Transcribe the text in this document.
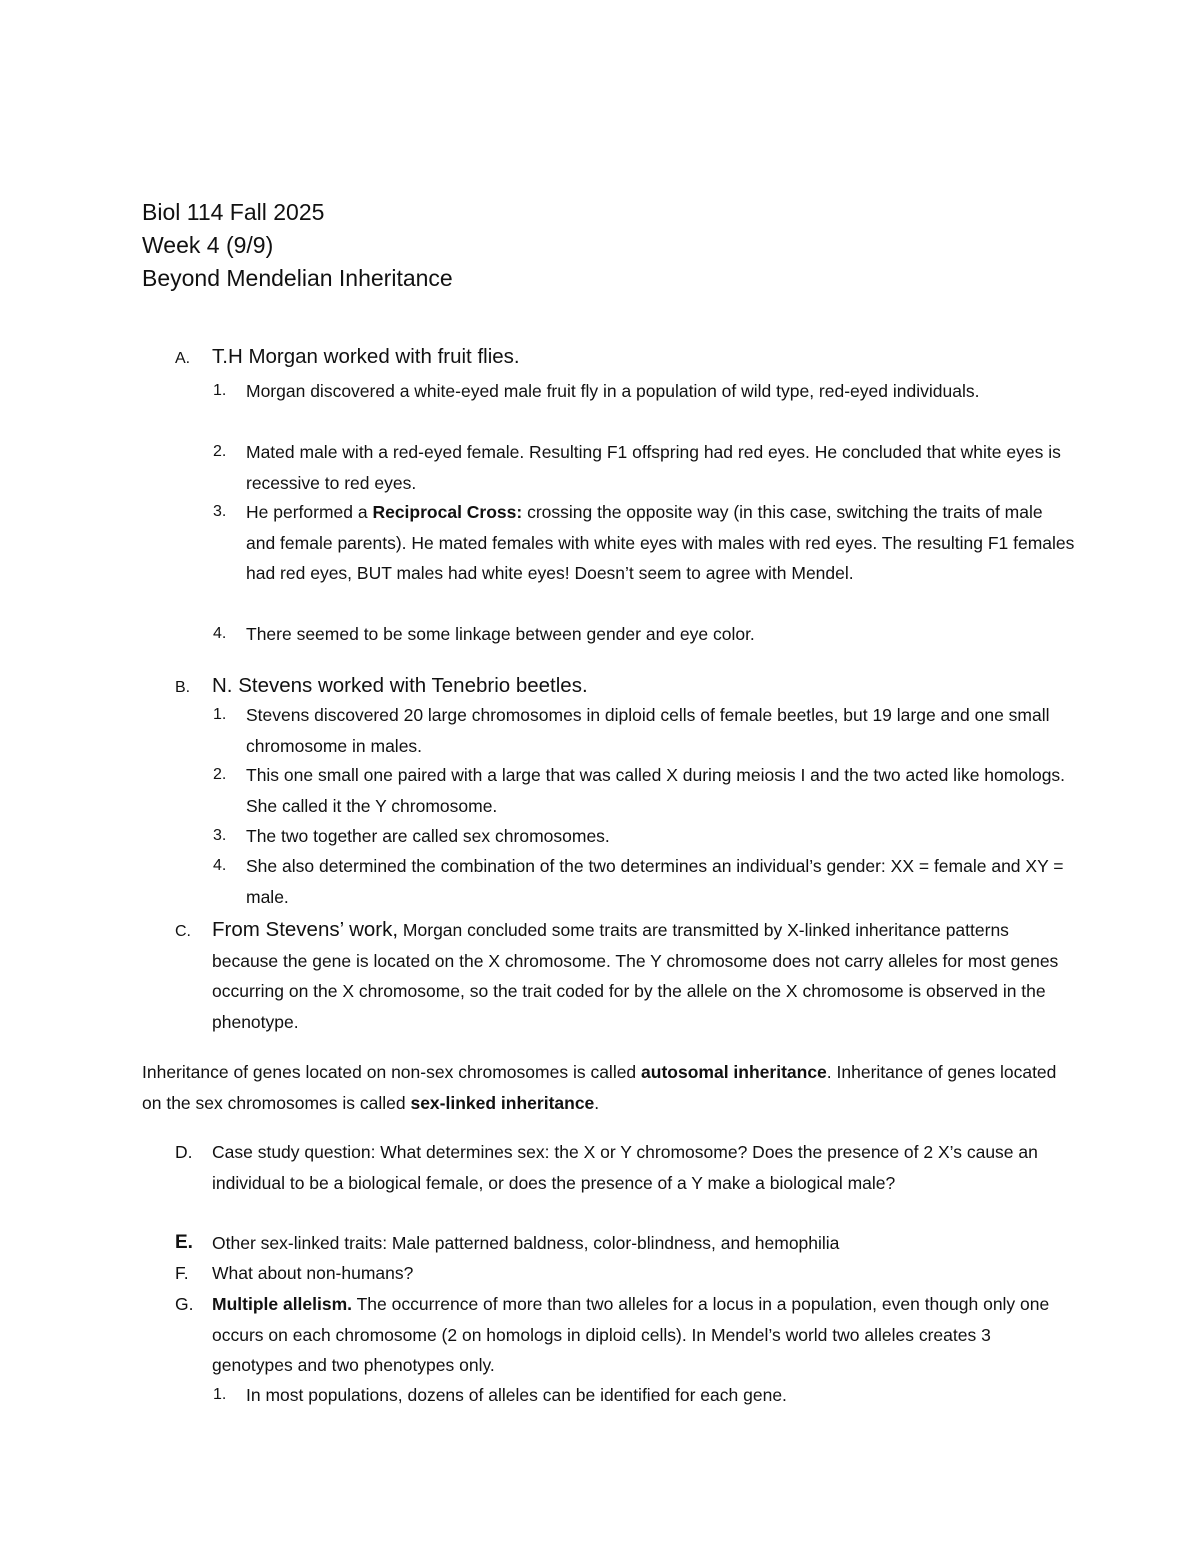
Biol 114 Fall 2025

Week 4 (9/9)

Beyond Mendelian Inheritance

A. T.H Morgan worked with fruit flies.
1. Morgan discovered a white-eyed male fruit fly in a population of wild type, red-eyed individuals.
2. Mated male with a red-eyed female. Resulting F1 offspring had red eyes. He concluded that white eyes is recessive to red eyes.
3. He performed a Reciprocal Cross: crossing the opposite way (in this case, switching the traits of male and female parents). He mated females with white eyes with males with red eyes. The resulting F1 females had red eyes, BUT males had white eyes! Doesn’t seem to agree with Mendel.
4. There seemed to be some linkage between gender and eye color.
B. N. Stevens worked with Tenebrio beetles.
1. Stevens discovered 20 large chromosomes in diploid cells of female beetles, but 19 large and one small chromosome in males.
2. This one small one paired with a large that was called X during meiosis I and the two acted like homologs. She called it the Y chromosome.
3. The two together are called sex chromosomes.
4. She also determined the combination of the two determines an individual’s gender: XX = female and XY = male.
C. From Stevens’ work, Morgan concluded some traits are transmitted by X-linked inheritance patterns because the gene is located on the X chromosome. The Y chromosome does not carry alleles for most genes occurring on the X chromosome, so the trait coded for by the allele on the X chromosome is observed in the phenotype.

Inheritance of genes located on non-sex chromosomes is called autosomal inheritance. Inheritance of genes located on the sex chromosomes is called sex-linked inheritance.

D. Case study question: What determines sex: the X or Y chromosome? Does the presence of 2 X’s cause an individual to be a biological female, or does the presence of a Y make a biological male?
E. Other sex-linked traits: Male patterned baldness, color-blindness, and hemophilia
F. What about non-humans?
G. Multiple allelism. The occurrence of more than two alleles for a locus in a population, even though only one occurs on each chromosome (2 on homologs in diploid cells). In Mendel’s world two alleles creates 3 genotypes and two phenotypes only.
1. In most populations, dozens of alleles can be identified for each gene.
